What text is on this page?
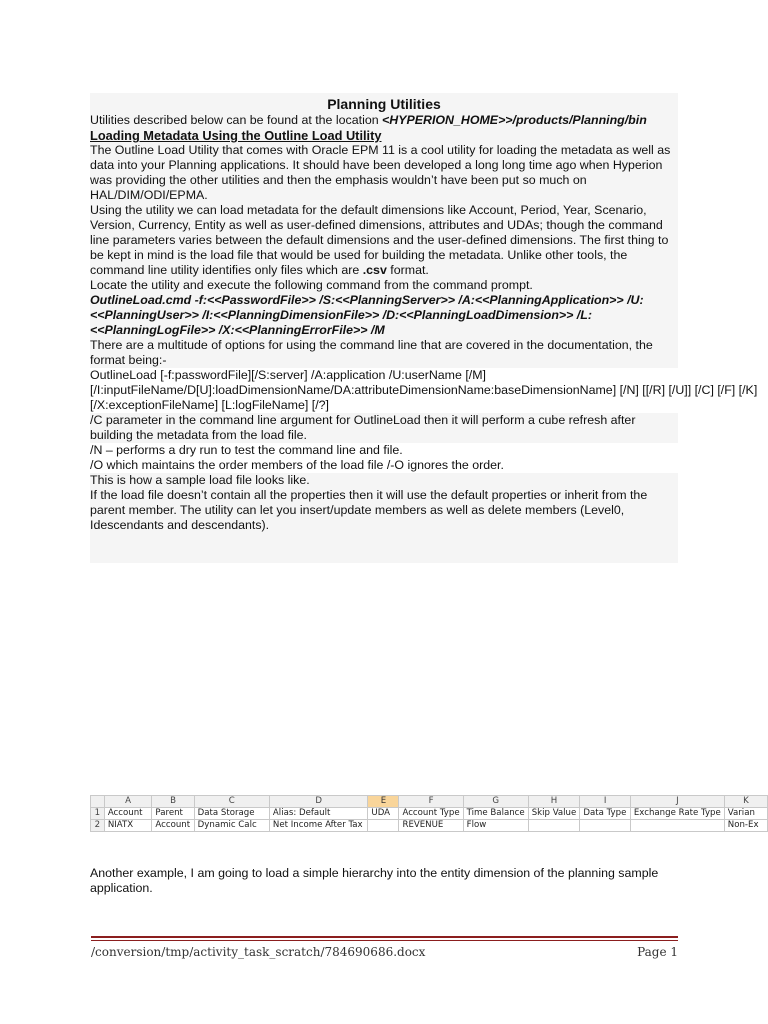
Planning Utilities

Utilities described below can be found at the location <HYPERION_HOME>>/products/Planning/bin

Loading Metadata Using the Outline Load Utility

The Outline Load Utility that comes with Oracle EPM 11 is a cool utility for loading the metadata as well as data into your Planning applications. It should have been developed a long long time ago when Hyperion was providing the other utilities and then the emphasis wouldn’t have been put so much on HAL/DIM/ODI/EPMA.

Using the utility we can load metadata for the default dimensions like Account, Period, Year, Scenario, Version, Currency, Entity as well as user-defined dimensions, attributes and UDAs; though the command line parameters varies between the default dimensions and the user-defined dimensions. The first thing to be kept in mind is the load file that would be used for building the metadata. Unlike other tools, the command line utility identifies only files which are .csv format.

Locate the utility and execute the following command from the command prompt.

OutlineLoad.cmd -f:<<PasswordFile>> /S:<<PlanningServer>> /A:<<PlanningApplication>> /U:<<PlanningUser>> /I:<<PlanningDimensionFile>> /D:<<PlanningLoadDimension>> /L:<<PlanningLogFile>> /X:<<PlanningErrorFile>> /M

There are a multitude of options for using the command line that are covered in the documentation, the format being:-

OutlineLoad [-f:passwordFile][/S:server] /A:application /U:userName [/M] [/I:inputFileName/D[U]:loadDimensionName/DA:attributeDimensionName:baseDimensionName] [/N] [[/R] [/U]] [/C] [/F] [/K] [/X:exceptionFileName] [L:logFileName] [/?]

/C parameter in the command line argument for OutlineLoad then it will perform a cube refresh after building the metadata from the load file.

/N – performs a dry run to test the command line and file.

/O which maintains the order members of the load file /-O ignores the order.

This is how a sample load file looks like.

If the load file doesn’t contain all the properties then it will use the default properties or inherit from the parent member. The utility can let you insert/update members as well as delete members (Level0, Idescendants and descendants).

	A	B	C	D	E	F	G	H	I	J	K
1	Account	Parent	Data Storage	Alias: Default	UDA	Account Type	Time Balance	Skip Value	Data Type	Exchange Rate Type	Varian
2	NIATX	Account	Dynamic Calc	Net Income After Tax		REVENUE	Flow				Non-Ex

Another example, I am going to load a simple hierarchy into the entity dimension of the planning sample application.

/conversion/tmp/activity_task_scratch/784690686.docx	Page 1
